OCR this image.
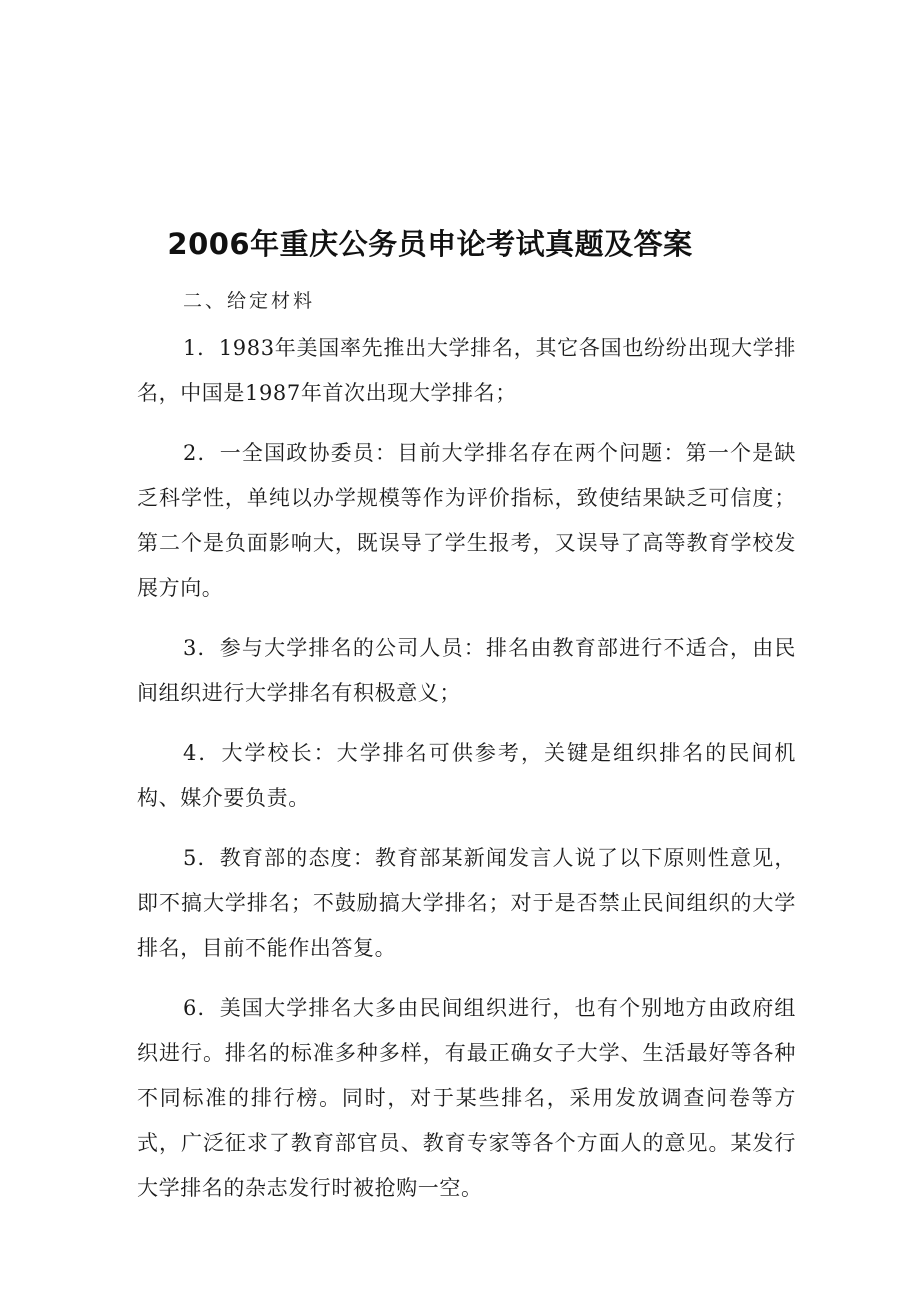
2006年重庆公务员申论考试真题及答案
二、给定材料

1．1983年美国率先推出大学排名，其它各国也纷纷出现大学排名，中国是1987年首次出现大学排名；

2．一全国政协委员：目前大学排名存在两个问题：第一个是缺乏科学性，单纯以办学规模等作为评价指标，致使结果缺乏可信度；第二个是负面影响大，既误导了学生报考，又误导了高等教育学校发展方向。

3．参与大学排名的公司人员：排名由教育部进行不适合，由民间组织进行大学排名有积极意义；

4．大学校长：大学排名可供参考，关键是组织排名的民间机构、媒介要负责。

5．教育部的态度：教育部某新闻发言人说了以下原则性意见，即不搞大学排名；不鼓励搞大学排名；对于是否禁止民间组织的大学排名，目前不能作出答复。

6．美国大学排名大多由民间组织进行，也有个别地方由政府组织进行。排名的标准多种多样，有最正确女子大学、生活最好等各种不同标准的排行榜。同时，对于某些排名，采用发放调查问卷等方式，广泛征求了教育部官员、教育专家等各个方面人的意见。某发行大学排名的杂志发行时被抢购一空。
